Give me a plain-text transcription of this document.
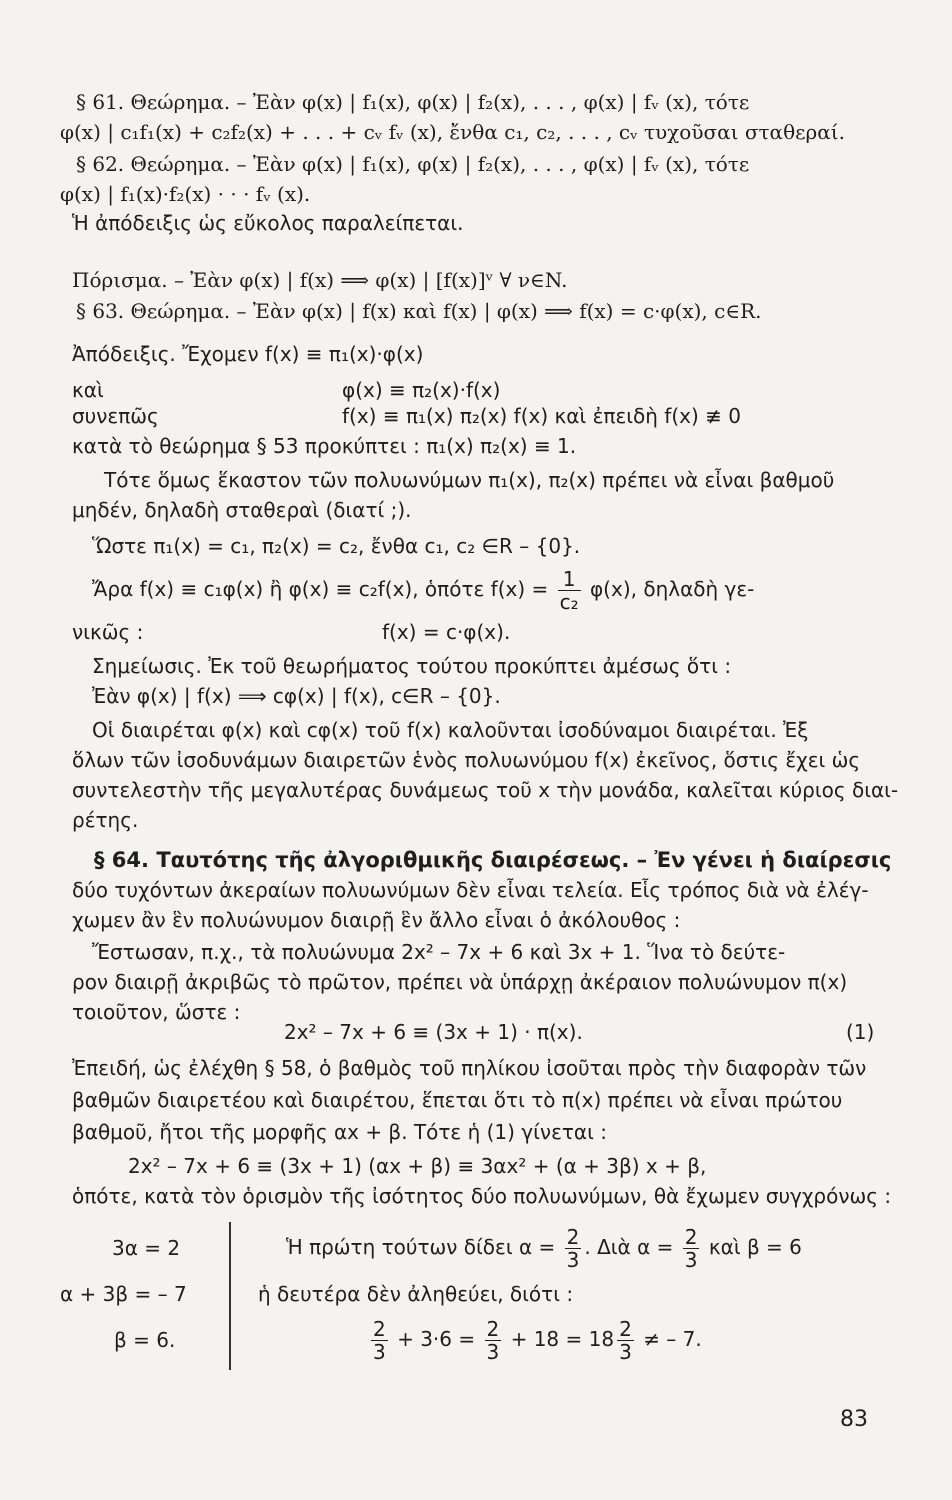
§ 61. Θεώρημα. – Ἐὰν φ(x) | f₁(x), φ(x) | f₂(x), . . . , φ(x) | fᵥ (x), τότε
φ(x) | c₁f₁(x) + c₂f₂(x) + . . . + cᵥ fᵥ (x), ἔνθα c₁, c₂, . . . , cᵥ τυχοῦσαι σταθεραί.
§ 62. Θεώρημα. – Ἐὰν φ(x) | f₁(x), φ(x) | f₂(x), . . . , φ(x) | fᵥ (x), τότε
φ(x) | f₁(x)·f₂(x) · · · fᵥ (x).
Ἡ ἀπόδειξις ὡς εὔκολος παραλείπεται.
Πόρισμα. – Ἐὰν φ(x) | f(x) ⟹ φ(x) | [f(x)]ᵛ ∀ ν∈N.
§ 63. Θεώρημα. – Ἐὰν φ(x) | f(x) καὶ f(x) | φ(x) ⟹ f(x) = c·φ(x), c∈R.
Ἀπόδειξις. Ἔχομεν f(x) ≡ π₁(x)·φ(x)
καὶ	φ(x) ≡ π₂(x)·f(x)
συνεπῶς	f(x) ≡ π₁(x) π₂(x) f(x) καὶ ἐπειδὴ f(x) ≢ 0
κατὰ τὸ θεώρημα § 53 προκύπτει : π₁(x) π₂(x) ≡ 1.
Τότε ὅμως ἕκαστον τῶν πολυωνύμων π₁(x), π₂(x) πρέπει νὰ εἶναι βαθμοῦ
μηδέν, δηλαδὴ σταθεραὶ (διατί ;).
Ὥστε π₁(x) = c₁, π₂(x) = c₂, ἔνθα c₁, c₂ ∈R – {0}.
Ἄρα f(x) ≡ c₁φ(x) ἢ φ(x) ≡ c₂f(x), ὁπότε $f(x) = \frac{1}{\text{c₂}} \varphi(x)$, δηλαδὴ γε-
νικῶς :	f(x) = c·φ(x).
Σημείωσις. Ἐκ τοῦ θεωρήματος τούτου προκύπτει ἀμέσως ὅτι :
Ἐὰν φ(x) | f(x) ⟹ cφ(x) | f(x), c∈R – {0}.
Οἱ διαιρέται φ(x) καὶ cφ(x) τοῦ f(x) καλοῦνται ἰσοδύναμοι διαιρέται. Ἐξ
ὅλων τῶν ἰσοδυνάμων διαιρετῶν ἑνὸς πολυωνύμου f(x) ἐκεῖνος, ὅστις ἔχει ὡς
συντελεστὴν τῆς μεγαλυτέρας δυνάμεως τοῦ x τὴν μονάδα, καλεῖται κύριος διαι-
ρέτης.
§ 64. Ταυτότης τῆς ἀλγοριθμικῆς διαιρέσεως. – Ἐν γένει ἡ διαίρεσις
δύο τυχόντων ἀκεραίων πολυωνύμων δὲν εἶναι τελεία. Εἷς τρόπος διὰ νὰ ἐλέγ-
χωμεν ἂν ἓν πολυώνυμον διαιρῇ ἓν ἄλλο εἶναι ὁ ἀκόλουθος :
Ἔστωσαν, π.χ., τὰ πολυώνυμα 2x² – 7x + 6 καὶ 3x + 1. Ἵνα τὸ δεύτε-
ρον διαιρῇ ἀκριβῶς τὸ πρῶτον, πρέπει νὰ ὑπάρχῃ ἀκέραιον πολυώνυμον π(x)
τοιοῦτον, ὥστε :
2x² – 7x + 6 ≡ (3x + 1) · π(x).	(1)
Ἐπειδή, ὡς ἐλέχθη § 58, ὁ βαθμὸς τοῦ πηλίκου ἰσοῦται πρὸς τὴν διαφορὰν τῶν
βαθμῶν διαιρετέου καὶ διαιρέτου, ἕπεται ὅτι τὸ π(x) πρέπει νὰ εἶναι πρώτου
βαθμοῦ, ἤτοι τῆς μορφῆς αx + β. Τότε ἡ (1) γίνεται :
2x² – 7x + 6 ≡ (3x + 1) (αx + β) ≡ 3αx² + (α + 3β) x + β,
ὁπότε, κατὰ τὸν ὁρισμὸν τῆς ἰσότητος δύο πολυωνύμων, θὰ ἔχωμεν συγχρόνως :
3α = 2
α + 3β = – 7
β = 6.
Ἡ πρώτη τούτων δίδει $\alpha = \frac{2}{3}$ . Διὰ $\alpha = \frac{2}{3}$ καὶ β = 6
ἡ δευτέρα δὲν ἀληθεύει, διότι :
$\frac{2}{3} + 3\cdot 6 = \frac{2}{3} + 18 = 18 \frac{2}{3}$ ≠ – 7.
83
